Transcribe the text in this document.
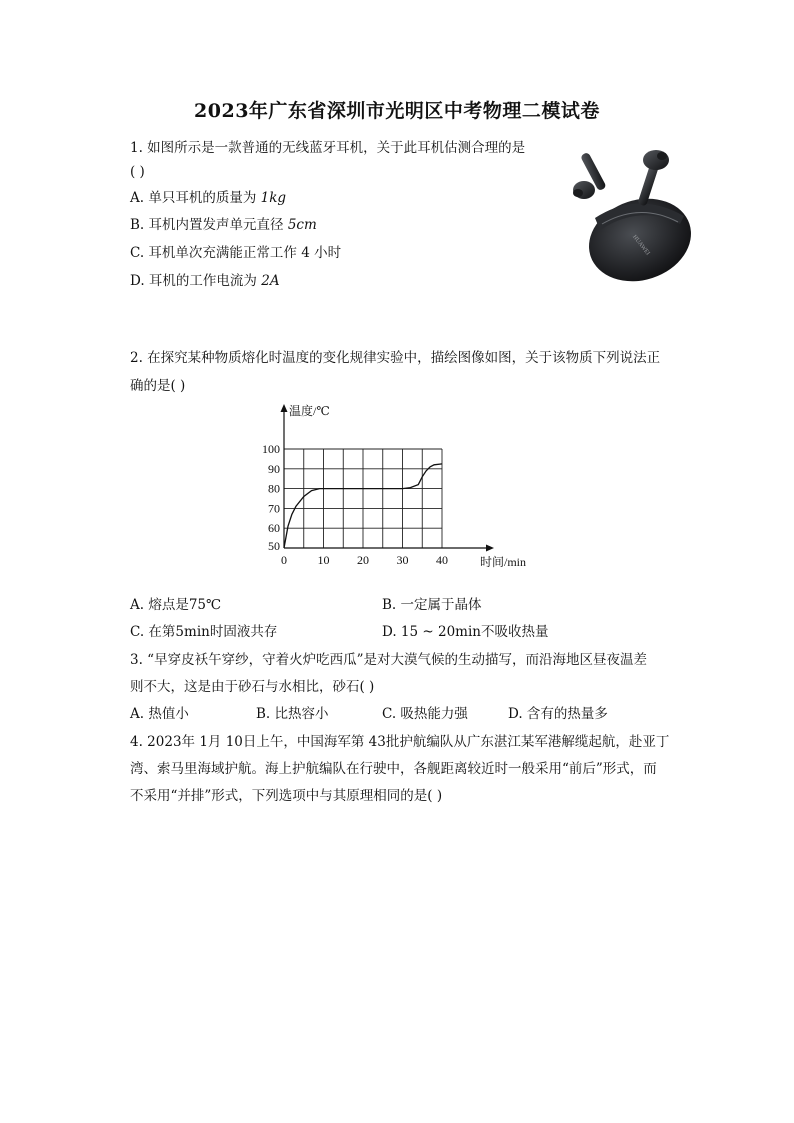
2023年广东省深圳市光明区中考物理二模试卷
1. 如图所示是一款普通的无线蓝牙耳机，关于此耳机估测合理的是
( )
A. 单只耳机的质量为 1kg
B. 耳机内置发声单元直径 5cm
C. 耳机单次充满能正常工作 4 小时
D. 耳机的工作电流为 2A
HUAWEI
2. 在探究某种物质熔化时温度的变化规律实验中，描绘图像如图，关于该物质下列说法正
确的是( )
0	10 20 30 40
50
60
70
80
90
100
温度/℃
时间/min
A. 熔点是75℃	B. 一定属于晶体
C. 在第5min时固液共存	D. 15 ~ 20min不吸收热量
3. “早穿皮袄午穿纱，守着火炉吃西瓜”是对大漠气候的生动描写，而沿海地区昼夜温差
则不大，这是由于砂石与水相比，砂石( )
A. 热值小	B. 比热容小	C. 吸热能力强	D. 含有的热量多
4. 2023年 1月 10日上午，中国海军第 43批护航编队从广东湛江某军港解缆起航，赴亚丁
湾、索马里海域护航。海上护航编队在行驶中，各舰距离较近时一般采用“前后”形式，而
不采用“并排”形式，下列选项中与其原理相同的是( )
